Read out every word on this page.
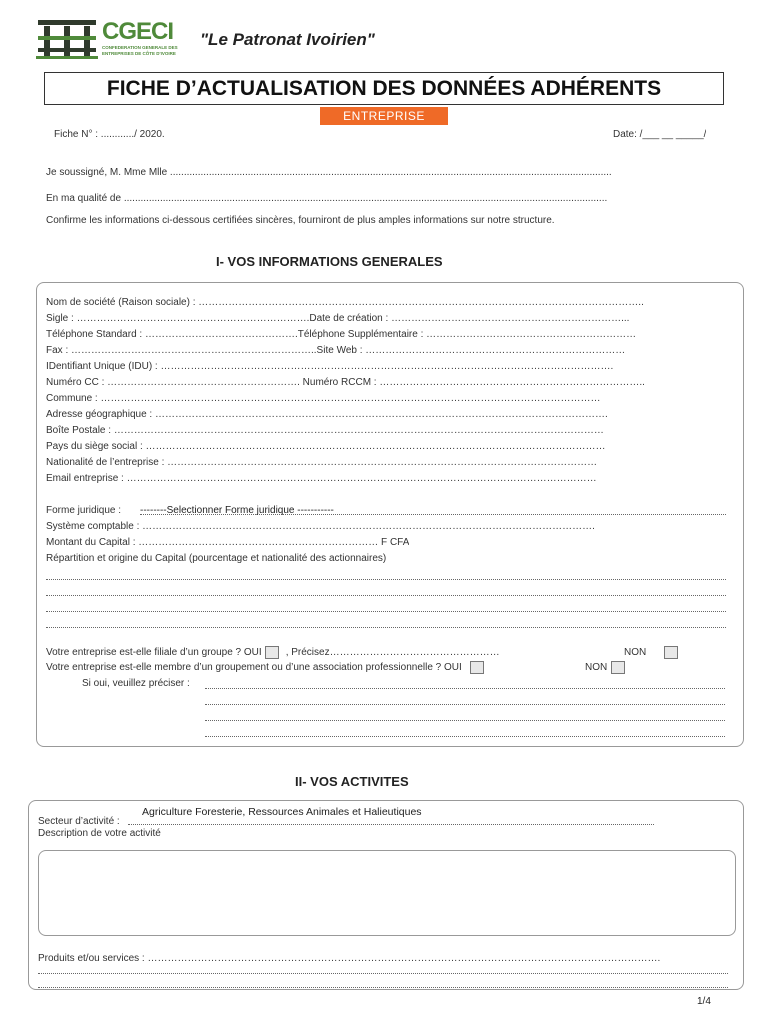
CGECI
CONFEDERATION GENERALE DES
ENTREPRISES DE CÔTE D'IVOIRE
"Le Patronat Ivoirien"
FICHE D’ACTUALISATION DES DONNÉES ADHÉRENTS
ENTREPRISE
Fiche N° : ............/ 2020.	Date: /___ __ _____/
Je soussigné, M. Mme Mlle ...............................................................................................................................................................
En ma qualité de ..............................................................................................................................................................................
Confirme les informations ci-dessous certifiées sincères, fourniront de plus amples informations sur notre structure.
I- VOS INFORMATIONS GENERALES
Nom de société (Raison sociale) : ……………………………………………………………………………………………………………………..
Sigle : …………………………………………………………….Date de création : ……………………………………………………………...
Téléphone Standard : ……………………………………….Téléphone Supplémentaire : ………………………………………………………
Fax : ………………………………………………………………..Site Web : ……………………………………………………………………
IDentifiant Unique (IDU) : ……………………………………………………………………………………………………………………….
Numéro CC : …………………………………………………. Numéro RCCM : ……………………………………………………………………..
Commune : ……………………………………………………………………………………………………………………………………
Adresse géographique : ……………………………………………………………………………………………………………………….
Boîte Postale : …………………………………………………………………………………………………………………………………
Pays du siège social : …………………………………………………………………………………………………………………………
Nationalité de l’entreprise : …………………………………………………………………………………………………………………
Email entreprise : ……………………………………………………………………………………………………………………………
Forme juridique : --------Selectionner Forme juridique -----------
Système comptable : ……………………………………………………………………………………………………………………….
Montant du Capital : ……………………………………………………………… F CFA
Répartition et origine du Capital (pourcentage et nationalité des actionnaires)
Votre entreprise est-elle filiale d’un groupe ? OUI , Précisez……………………………………………	NON
Votre entreprise est-elle membre d’un groupement ou d’une association professionnelle ? OUI	NON
Si oui, veuillez préciser :
II- VOS ACTIVITES
Secteur d’activité :
Agriculture Foresterie, Ressources Animales et Halieutiques
Description de votre activité
Produits et/ou services : ……………………………………………………………………………………………………………………………………….
1/4
